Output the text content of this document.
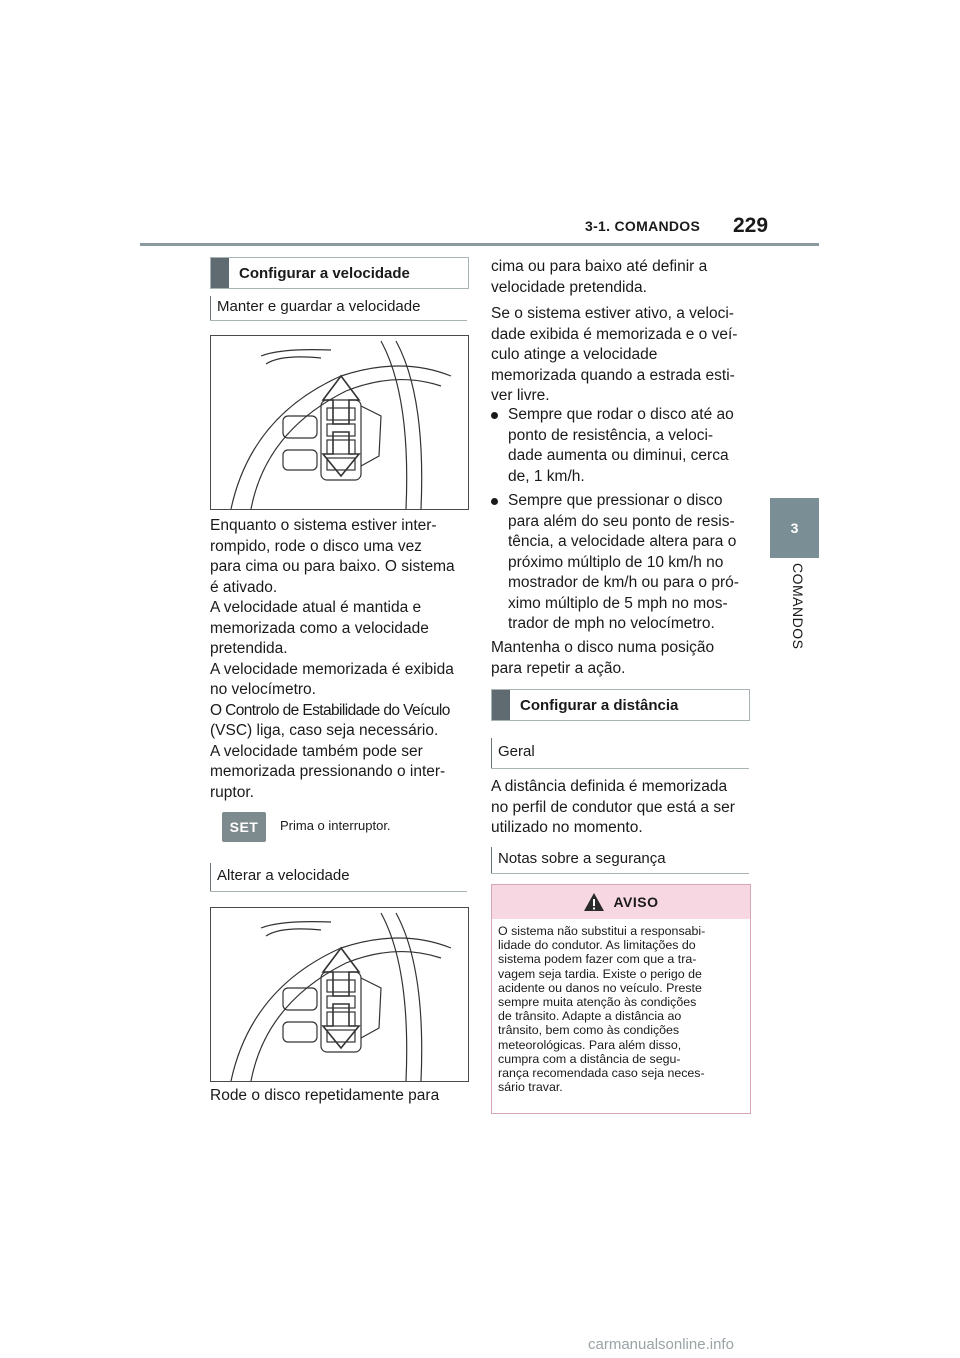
3-1. COMANDOS 229
3
COMANDOS
Configurar a velocidade
Manter e guardar a velocidade
Enquanto o sistema estiver inter-
rompido, rode o disco uma vez
para cima ou para baixo. O sistema
é ativado.
A velocidade atual é mantida e
memorizada como a velocidade
pretendida.
A velocidade memorizada é exibida
no velocímetro.
O Controlo de Estabilidade do Veículo
(VSC) liga, caso seja necessário.
A velocidade também pode ser
memorizada pressionando o inter-
ruptor.
SET Prima o interruptor.
Alterar a velocidade
Rode o disco repetidamente para
cima ou para baixo até definir a
velocidade pretendida.
Se o sistema estiver ativo, a veloci-
dade exibida é memorizada e o veí-
culo atinge a velocidade
memorizada quando a estrada esti-
ver livre.
Sempre que rodar o disco até ao
ponto de resistência, a veloci-
dade aumenta ou diminui, cerca
de, 1 km/h.
Sempre que pressionar o disco
para além do seu ponto de resis-
tência, a velocidade altera para o
próximo múltiplo de 10 km/h no
mostrador de km/h ou para o pró-
ximo múltiplo de 5 mph no mos-
trador de mph no velocímetro.
Mantenha o disco numa posição
para repetir a ação.
Configurar a distância
Geral
A distância definida é memorizada
no perfil de condutor que está a ser
utilizado no momento.
Notas sobre a segurança
AVISO
O sistema não substitui a responsabi-
lidade do condutor. As limitações do
sistema podem fazer com que a tra-
vagem seja tardia. Existe o perigo de
acidente ou danos no veículo. Preste
sempre muita atenção às condições
de trânsito. Adapte a distância ao
trânsito, bem como às condições
meteorológicas. Para além disso,
cumpra com a distância de segu-
rança recomendada caso seja neces-
sário travar.
carmanualsonline.info
